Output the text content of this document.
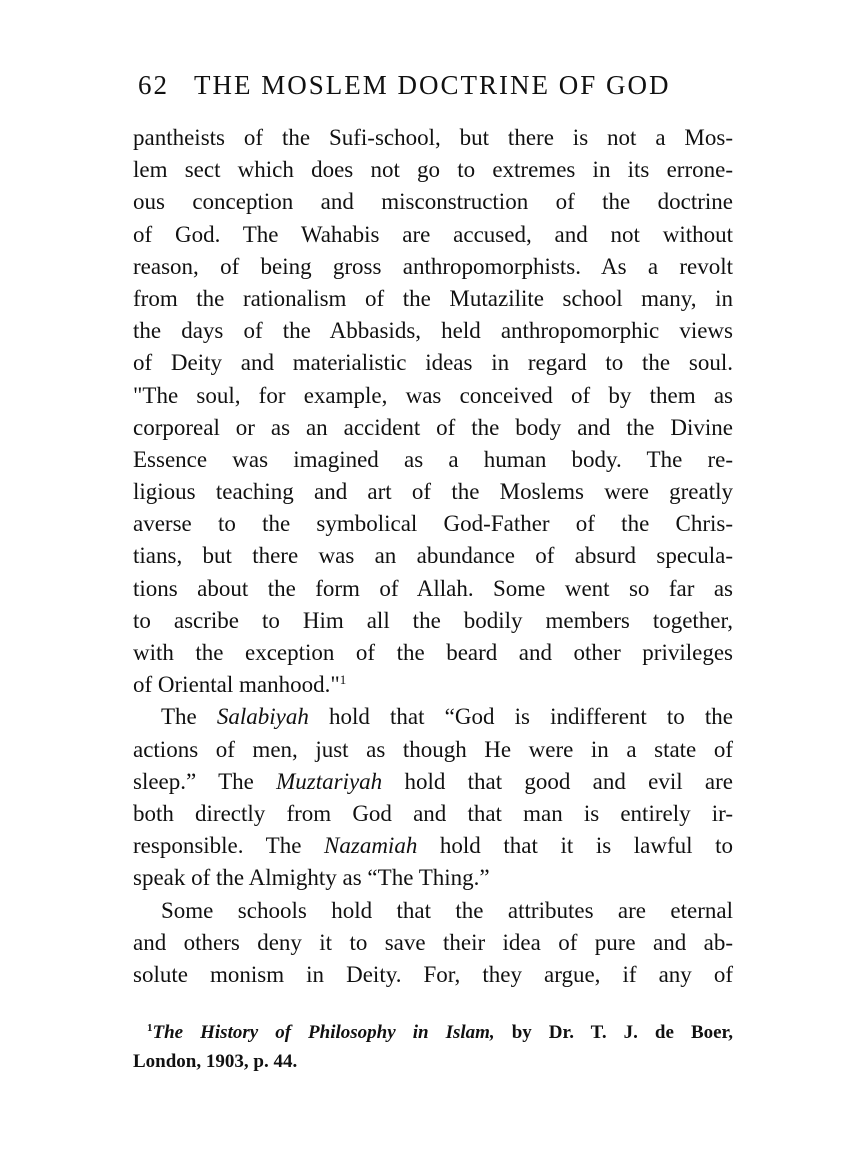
62 THE MOSLEM DOCTRINE OF GOD
pantheists of the Sufi-school, but there is not a Mos-
lem sect which does not go to extremes in its errone-
ous conception and misconstruction of the doctrine
of God. The Wahabis are accused, and not without
reason, of being gross anthropomorphists. As a revolt
from the rationalism of the Mutazilite school many, in
the days of the Abbasids, held anthropomorphic views
of Deity and materialistic ideas in regard to the soul.
"The soul, for example, was conceived of by them as
corporeal or as an accident of the body and the Divine
Essence was imagined as a human body. The re-
ligious teaching and art of the Moslems were greatly
averse to the symbolical God-Father of the Chris-
tians, but there was an abundance of absurd specula-
tions about the form of Allah. Some went so far as
to ascribe to Him all the bodily members together,
with the exception of the beard and other privileges
of Oriental manhood."$^1$
The Salabiyah hold that “God is indifferent to the
actions of men, just as though He were in a state of
sleep.” The Muztariyah hold that good and evil are
both directly from God and that man is entirely ir-
responsible. The Nazamiah hold that it is lawful to
speak of the Almighty as “The Thing.”
Some schools hold that the attributes are eternal
and others deny it to save their idea of pure and ab-
solute monism in Deity. For, they argue, if any of
$^1$The History of Philosophy in Islam, by Dr. T. J. de Boer,
London, 1903, p. 44.
